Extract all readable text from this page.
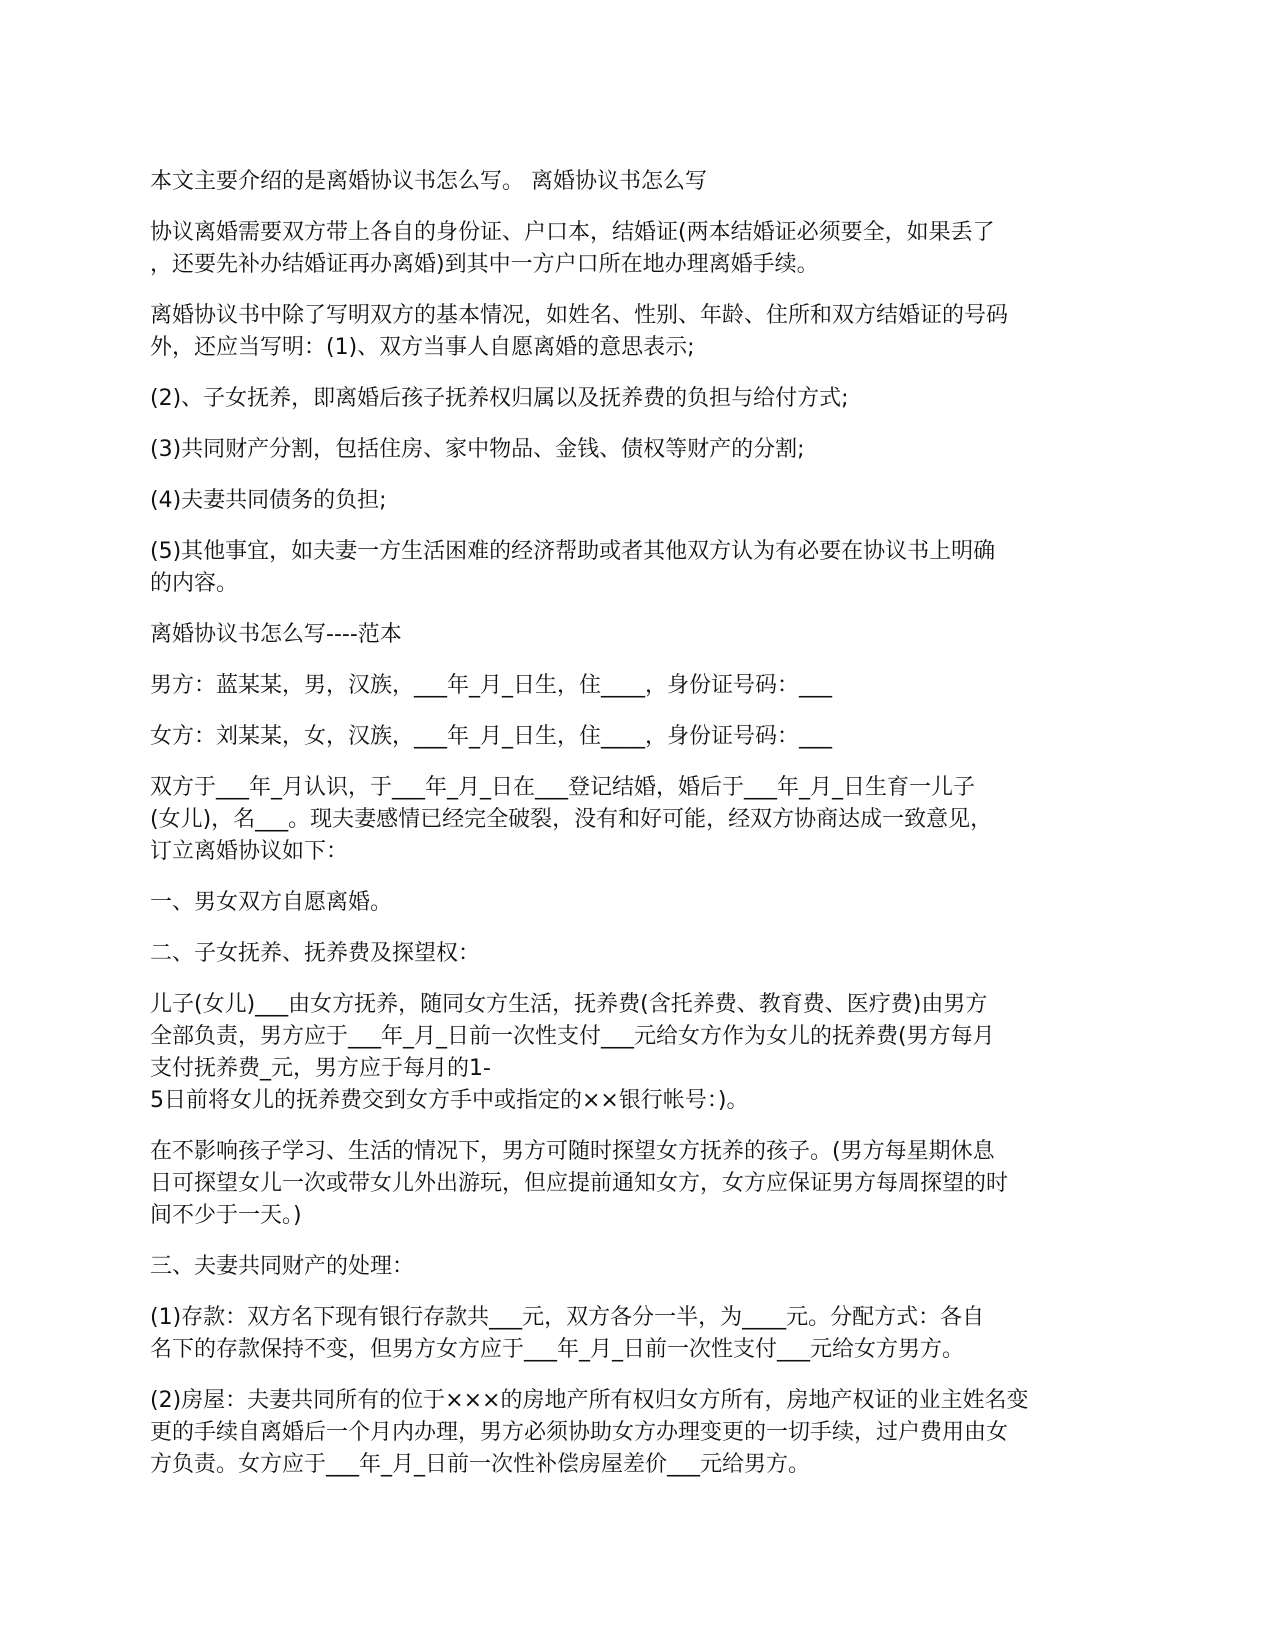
本文主要介绍的是离婚协议书怎么写。 离婚协议书怎么写

协议离婚需要双方带上各自的身份证、户口本，结婚证(两本结婚证必须要全，如果丢了
，还要先补办结婚证再办离婚)到其中一方户口所在地办理离婚手续。

离婚协议书中除了写明双方的基本情况，如姓名、性别、年龄、住所和双方结婚证的号码
外，还应当写明：(1)、双方当事人自愿离婚的意思表示;

(2)、子女抚养，即离婚后孩子抚养权归属以及抚养费的负担与给付方式;

(3)共同财产分割，包括住房、家中物品、金钱、债权等财产的分割;

(4)夫妻共同债务的负担;

(5)其他事宜，如夫妻一方生活困难的经济帮助或者其他双方认为有必要在协议书上明确
的内容。

离婚协议书怎么写----范本

男方：蓝某某，男，汉族，___年_月_日生，住____，身份证号码：___

女方：刘某某，女，汉族，___年_月_日生，住____，身份证号码：___

双方于___年_月认识，于___年_月_日在___登记结婚，婚后于___年_月_日生育一儿子
(女儿)，名___。现夫妻感情已经完全破裂，没有和好可能，经双方协商达成一致意见，
订立离婚协议如下：

一、男女双方自愿离婚。

二、子女抚养、抚养费及探望权：

儿子(女儿)___由女方抚养，随同女方生活，抚养费(含托养费、教育费、医疗费)由男方
全部负责，男方应于___年_月_日前一次性支付___元给女方作为女儿的抚养费(男方每月
支付抚养费_元，男方应于每月的1-
5日前将女儿的抚养费交到女方手中或指定的××银行帐号：)。

在不影响孩子学习、生活的情况下，男方可随时探望女方抚养的孩子。(男方每星期休息
日可探望女儿一次或带女儿外出游玩，但应提前通知女方，女方应保证男方每周探望的时
间不少于一天。)

三、夫妻共同财产的处理：

(1)存款：双方名下现有银行存款共___元，双方各分一半，为____元。分配方式：各自
名下的存款保持不变，但男方女方应于___年_月_日前一次性支付___元给女方男方。

(2)房屋：夫妻共同所有的位于×××的房地产所有权归女方所有，房地产权证的业主姓名变
更的手续自离婚后一个月内办理，男方必须协助女方办理变更的一切手续，过户费用由女
方负责。女方应于___年_月_日前一次性补偿房屋差价___元给男方。
